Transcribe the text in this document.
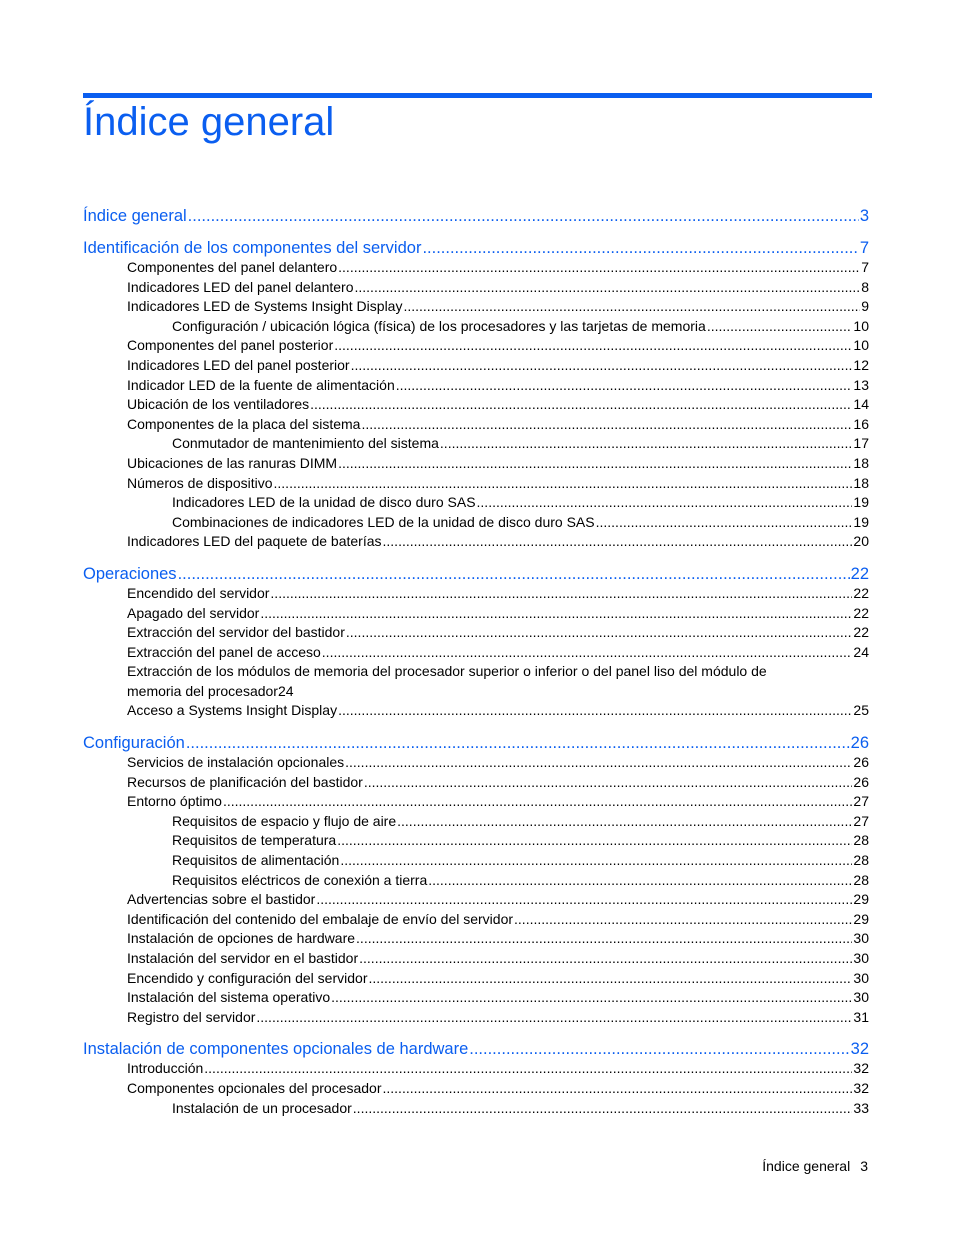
Índice general
Índice general .....	3
Identificación de los componentes del servidor .....	7
Componentes del panel delantero .....	7
Indicadores LED del panel delantero .....	8
Indicadores LED de Systems Insight Display .....	9
Configuración / ubicación lógica (física) de los procesadores y las tarjetas de memoria .....	10
Componentes del panel posterior .....	10
Indicadores LED del panel posterior .....	12
Indicador LED de la fuente de alimentación .....	13
Ubicación de los ventiladores .....	14
Componentes de la placa del sistema .....	16
Conmutador de mantenimiento del sistema .....	17
Ubicaciones de las ranuras DIMM .....	18
Números de dispositivo .....	18
Indicadores LED de la unidad de disco duro SAS .....	19
Combinaciones de indicadores LED de la unidad de disco duro SAS .....	19
Indicadores LED del paquete de baterías .....	20
Operaciones .....	22
Encendido del servidor .....	22
Apagado del servidor .....	22
Extracción del servidor del bastidor .....	22
Extracción del panel de acceso .....	24
Extracción de los módulos de memoria del procesador superior o inferior o del panel liso del módulo de
memoria del procesador 24
Acceso a Systems Insight Display .....	25
Configuración .....	26
Servicios de instalación opcionales .....	26
Recursos de planificación del bastidor .....	26
Entorno óptimo .....	27
Requisitos de espacio y flujo de aire .....	27
Requisitos de temperatura .....	28
Requisitos de alimentación .....	28
Requisitos eléctricos de conexión a tierra .....	28
Advertencias sobre el bastidor .....	29
Identificación del contenido del embalaje de envío del servidor .....	29
Instalación de opciones de hardware .....	30
Instalación del servidor en el bastidor .....	30
Encendido y configuración del servidor .....	30
Instalación del sistema operativo .....	30
Registro del servidor .....	31
Instalación de componentes opcionales de hardware .....	32
Introducción .....	32
Componentes opcionales del procesador .....	32
Instalación de un procesador .....	33
Índice general 3
